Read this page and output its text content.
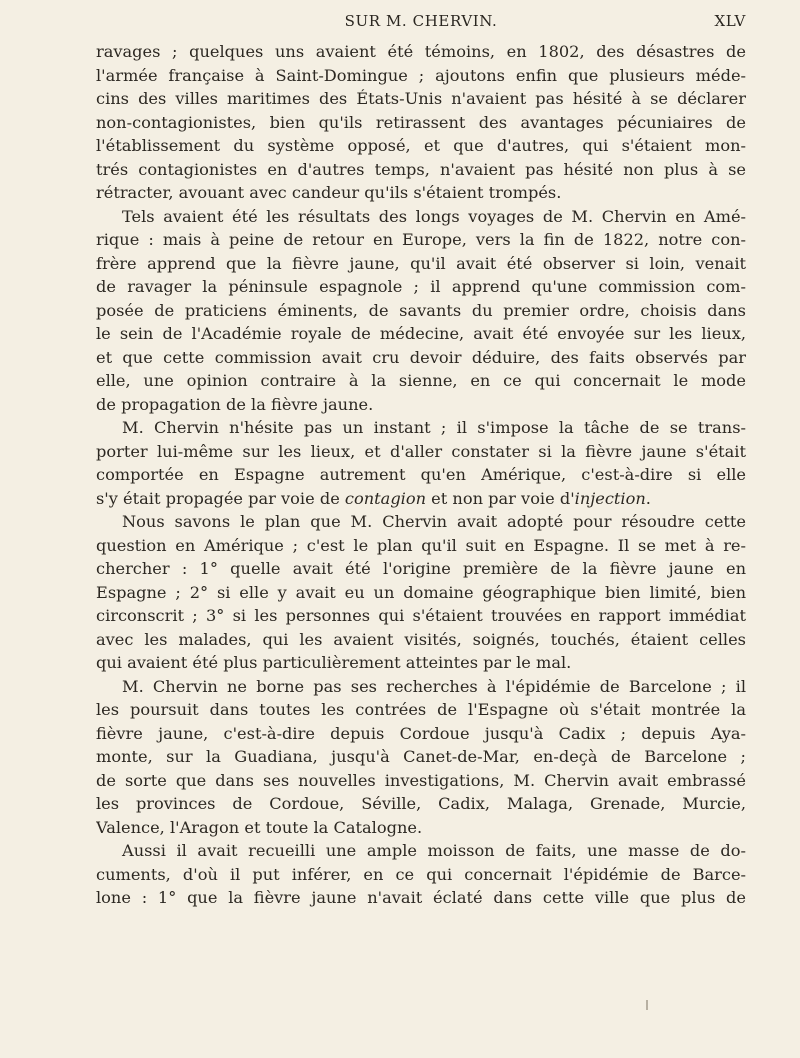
SUR M. CHERVIN.	XLV
ravages ; quelques uns avaient été témoins, en 1802, des désastres de
l'armée française à Saint-Domingue ; ajoutons enfin que plusieurs méde-
cins des villes maritimes des États-Unis n'avaient pas hésité à se déclarer
non-contagionistes, bien qu'ils retirassent des avantages pécuniaires de
l'établissement du système opposé, et que d'autres, qui s'étaient mon-
trés contagionistes en d'autres temps, n'avaient pas hésité non plus à se
rétracter, avouant avec candeur qu'ils s'étaient trompés.
Tels avaient été les résultats des longs voyages de M. Chervin en Amé-
rique : mais à peine de retour en Europe, vers la fin de 1822, notre con-
frère apprend que la fièvre jaune, qu'il avait été observer si loin, venait
de ravager la péninsule espagnole ; il apprend qu'une commission com-
posée de praticiens éminents, de savants du premier ordre, choisis dans
le sein de l'Académie royale de médecine, avait été envoyée sur les lieux,
et que cette commission avait cru devoir déduire, des faits observés par
elle, une opinion contraire à la sienne, en ce qui concernait le mode
de propagation de la fièvre jaune.
M. Chervin n'hésite pas un instant ; il s'impose la tâche de se trans-
porter lui-même sur les lieux, et d'aller constater si la fièvre jaune s'était
comportée en Espagne autrement qu'en Amérique, c'est-à-dire si elle
s'y était propagée par voie de contagion et non par voie d'injection.
Nous savons le plan que M. Chervin avait adopté pour résoudre cette
question en Amérique ; c'est le plan qu'il suit en Espagne. Il se met à re-
chercher : 1° quelle avait été l'origine première de la fièvre jaune en
Espagne ; 2° si elle y avait eu un domaine géographique bien limité, bien
circonscrit ; 3° si les personnes qui s'étaient trouvées en rapport immédiat
avec les malades, qui les avaient visités, soignés, touchés, étaient celles
qui avaient été plus particulièrement atteintes par le mal.
M. Chervin ne borne pas ses recherches à l'épidémie de Barcelone ; il
les poursuit dans toutes les contrées de l'Espagne où s'était montrée la
fièvre jaune, c'est-à-dire depuis Cordoue jusqu'à Cadix ; depuis Aya-
monte, sur la Guadiana, jusqu'à Canet-de-Mar, en-deçà de Barcelone ;
de sorte que dans ses nouvelles investigations, M. Chervin avait embrassé
les provinces de Cordoue, Séville, Cadix, Malaga, Grenade, Murcie,
Valence, l'Aragon et toute la Catalogne.
Aussi il avait recueilli une ample moisson de faits, une masse de do-
cuments, d'où il put inférer, en ce qui concernait l'épidémie de Barce-
lone : 1° que la fièvre jaune n'avait éclaté dans cette ville que plus de
